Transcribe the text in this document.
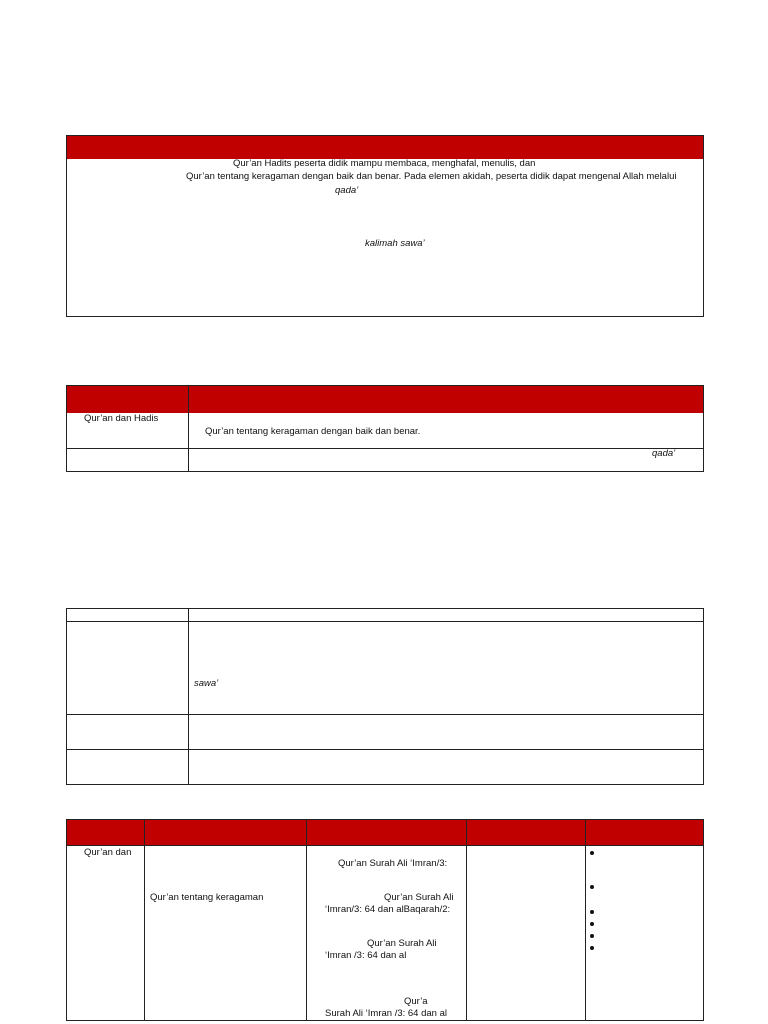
Qur’an Hadits peserta didik mampu membaca, menghafal, menulis, dan
Qur’an tentang keragaman dengan baik dan benar. Pada elemen akidah, peserta didik dapat mengenal Allah melalui
qada’
kalimah sawa’
Qur’an dan Hadis
Qur’an tentang keragaman dengan baik dan benar.
qada’
sawa’
Qur’an dan
Qur’an tentang keragaman
Qur’an Surah Ali ‘Imran/3:
Qur’an Surah Ali
‘Imran/3: 64 dan alBaqarah/2:
Qur’an Surah Ali
‘Imran /3: 64 dan al
Qur’a
Surah Ali ‘Imran /3: 64 dan al
